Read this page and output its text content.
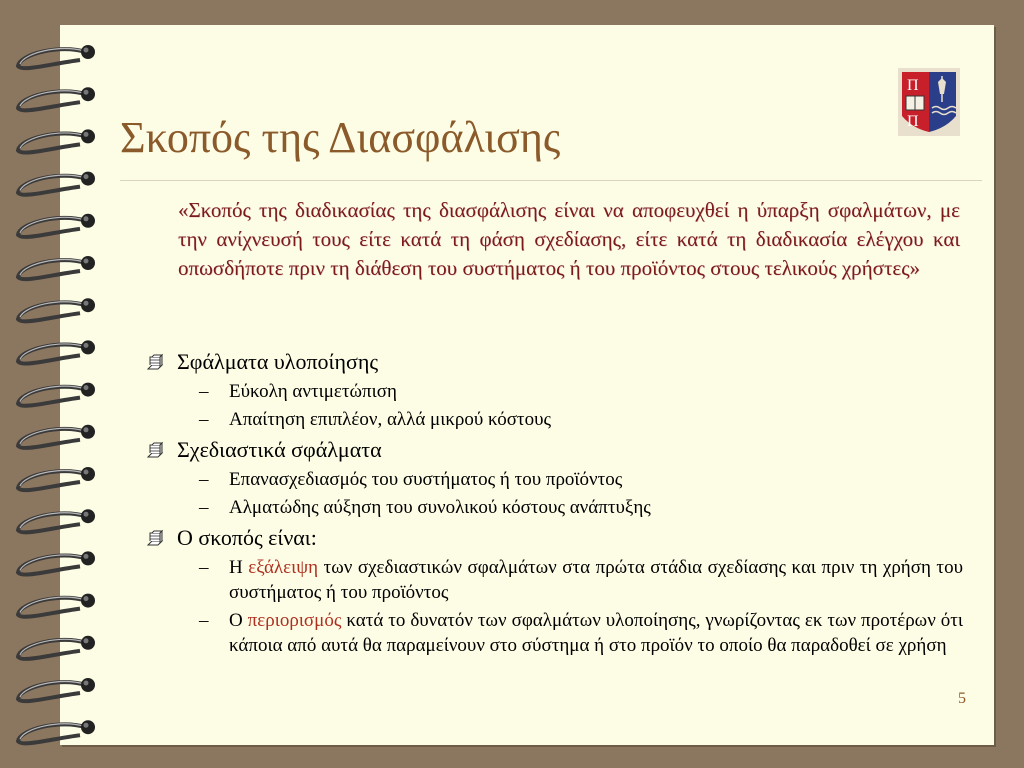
Σκοπός της Διασφάλισης
Π
Π
«Σκοπός της διαδικασίας της διασφάλισης είναι να αποφευχθεί η ύπαρξη σφαλμάτων, με την ανίχνευσή τους είτε κατά τη φάση σχεδίασης, είτε κατά τη διαδικασία ελέγχου και οπωσδήποτε πριν τη διάθεση του συστήματος ή του προϊόντος στους τελικούς χρήστες»
Σφάλματα υλοποίησης
– Εύκολη αντιμετώπιση
– Απαίτηση επιπλέον, αλλά μικρού κόστους
Σχεδιαστικά σφάλματα
– Επανασχεδιασμός του συστήματος ή του προϊόντος
– Αλματώδης αύξηση του συνολικού κόστους ανάπτυξης
Ο σκοπός είναι:
– Η εξάλειψη των σχεδιαστικών σφαλμάτων στα πρώτα στάδια σχεδίασης και πριν τη χρήση του συστήματος ή του προϊόντος
– Ο περιορισμός κατά το δυνατόν των σφαλμάτων υλοποίησης, γνωρίζοντας εκ των προτέρων ότι κάποια από αυτά θα παραμείνουν στο σύστημα ή στο προϊόν το οποίο θα παραδοθεί σε χρήση
5
